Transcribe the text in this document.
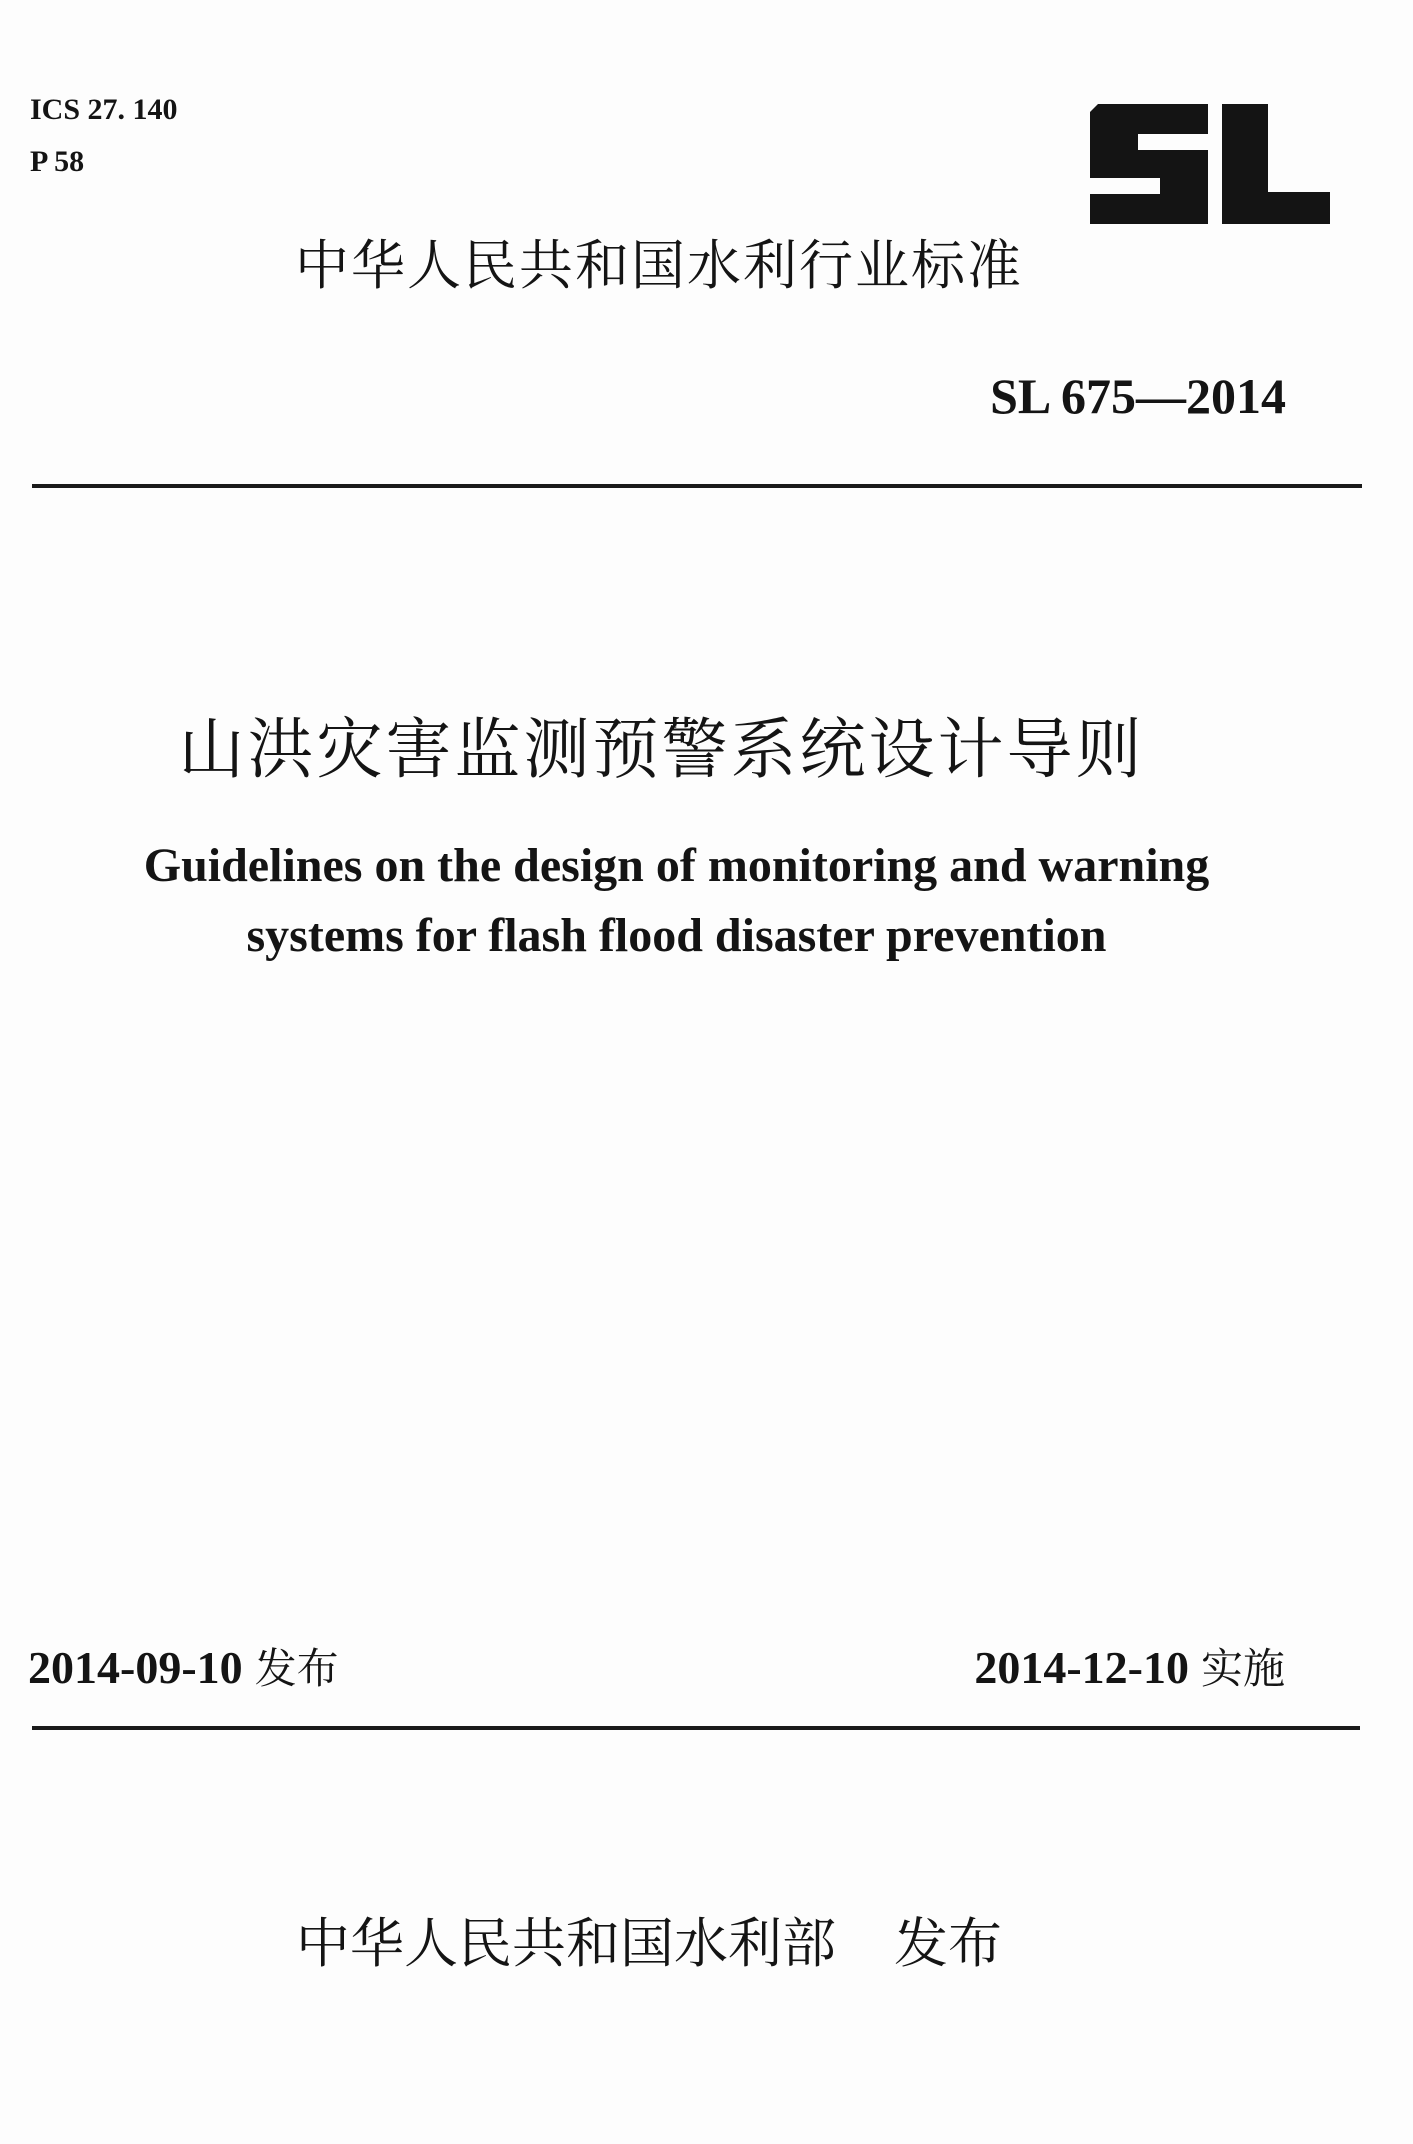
ICS 27. 140
P 58
中华人民共和国水利行业标准
SL 675—2014
山洪灾害监测预警系统设计导则
Guidelines on the design of monitoring and warning
systems for flash flood disaster prevention
2014-09-10 发布	2014-12-10 实施
中华人民共和国水利部 发布
